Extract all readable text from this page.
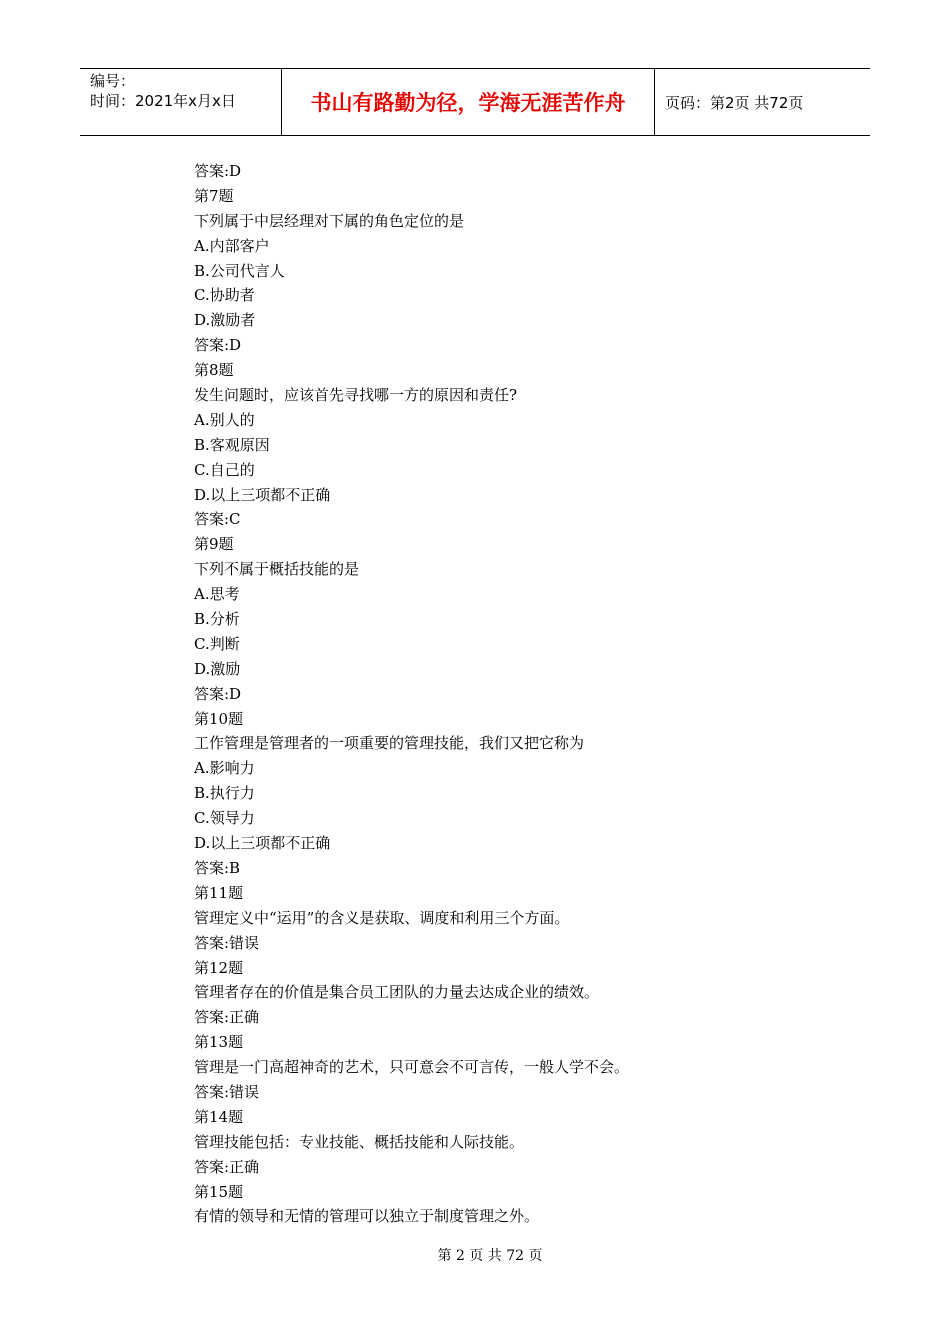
编号：
时间：2021年x月x日	书山有路勤为径，学海无涯苦作舟	页码：第2页 共72页
答案:D
第7题
下列属于中层经理对下属的角色定位的是
A.内部客户
B.公司代言人
C.协助者
D.激励者
答案:D
第8题
发生问题时，应该首先寻找哪一方的原因和责任?
A.别人的
B.客观原因
C.自己的
D.以上三项都不正确
答案:C
第9题
下列不属于概括技能的是
A.思考
B.分析
C.判断
D.激励
答案:D
第10题
工作管理是管理者的一项重要的管理技能，我们又把它称为
A.影响力
B.执行力
C.领导力
D.以上三项都不正确
答案:B
第11题
管理定义中“运用”的含义是获取、调度和利用三个方面。
答案:错误
第12题
管理者存在的价值是集合员工团队的力量去达成企业的绩效。
答案:正确
第13题
管理是一门高超神奇的艺术，只可意会不可言传，一般人学不会。
答案:错误
第14题
管理技能包括：专业技能、概括技能和人际技能。
答案:正确
第15题
有情的领导和无情的管理可以独立于制度管理之外。
第 2 页 共 72 页
